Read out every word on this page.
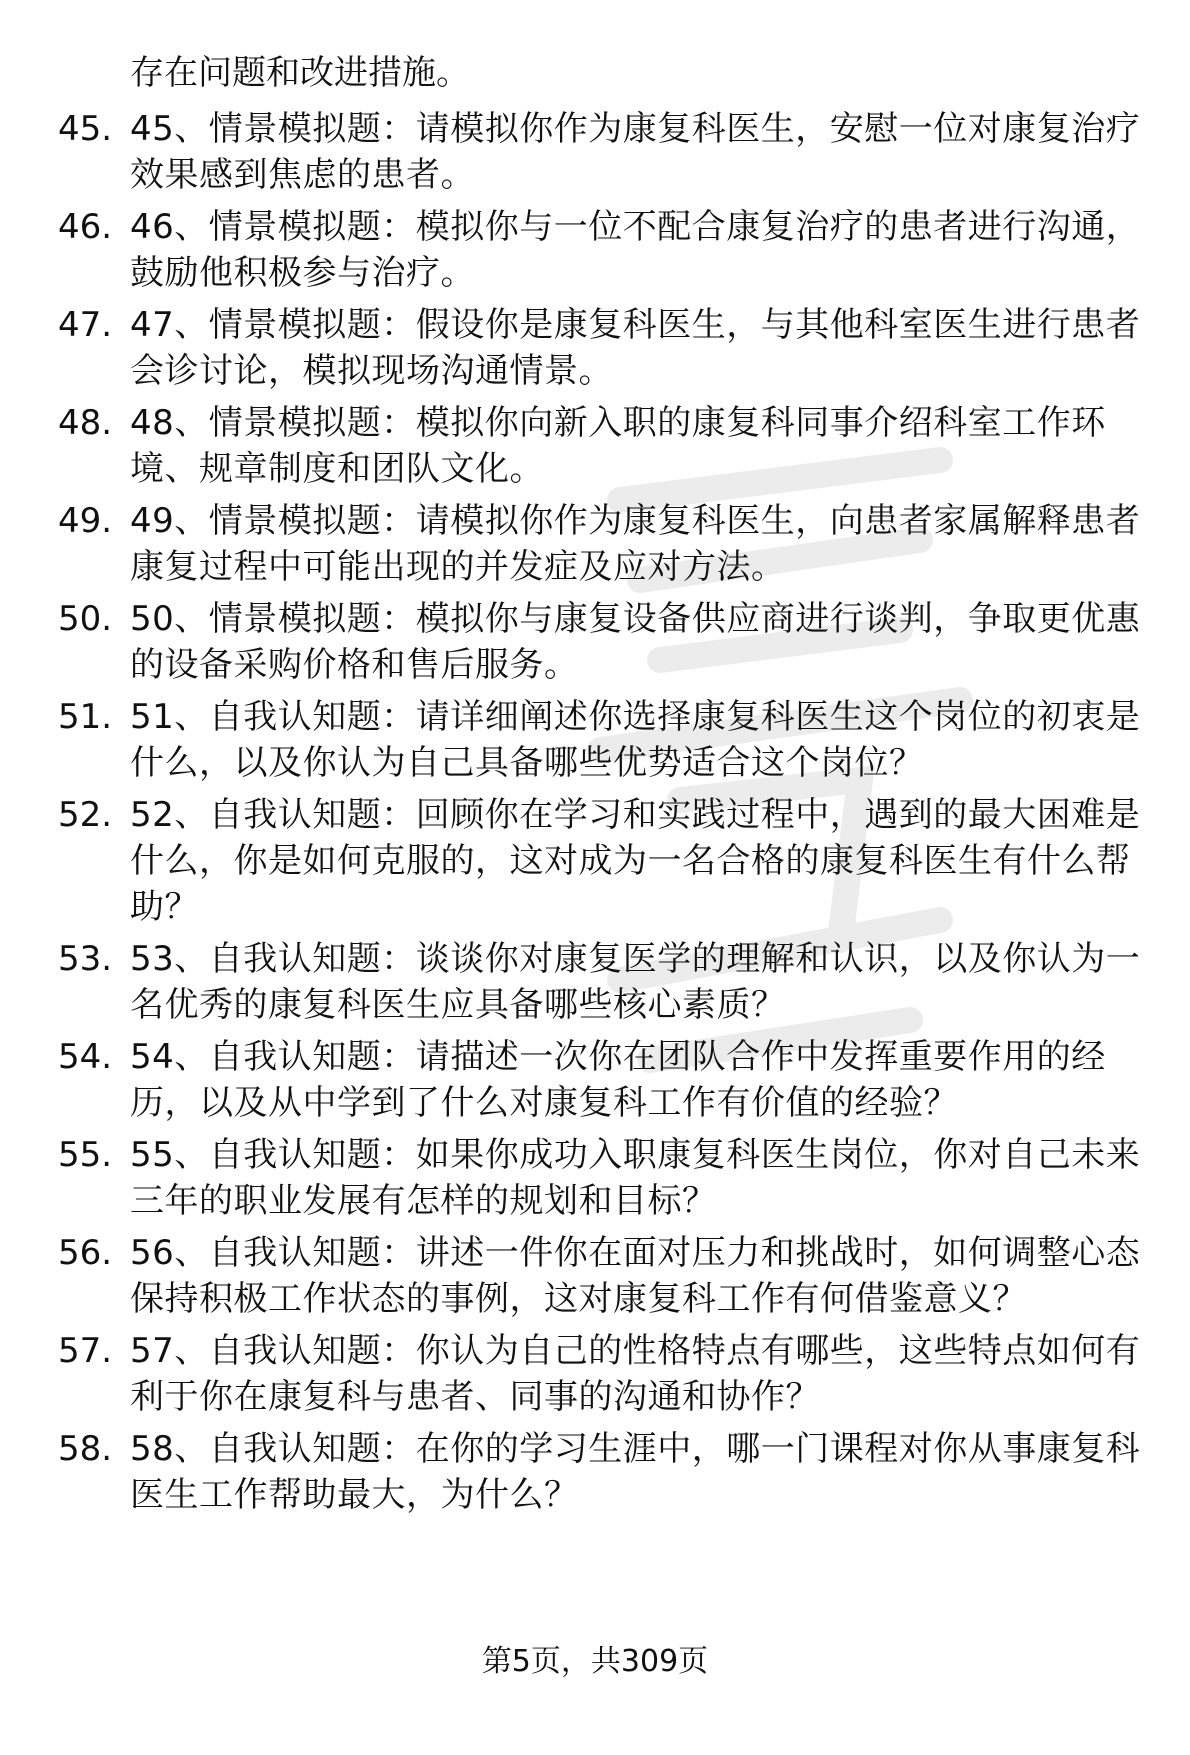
存在问题和改进措施。
45. 45、情景模拟题：请模拟你作为康复科医生，安慰一位对康复治疗效果感到焦虑的患者。
46. 46、情景模拟题：模拟你与一位不配合康复治疗的患者进行沟通，鼓励他积极参与治疗。
47. 47、情景模拟题：假设你是康复科医生，与其他科室医生进行患者会诊讨论，模拟现场沟通情景。
48. 48、情景模拟题：模拟你向新入职的康复科同事介绍科室工作环境、规章制度和团队文化。
49. 49、情景模拟题：请模拟你作为康复科医生，向患者家属解释患者康复过程中可能出现的并发症及应对方法。
50. 50、情景模拟题：模拟你与康复设备供应商进行谈判，争取更优惠的设备采购价格和售后服务。
51. 51、自我认知题：请详细阐述你选择康复科医生这个岗位的初衷是什么，以及你认为自己具备哪些优势适合这个岗位？
52. 52、自我认知题：回顾你在学习和实践过程中，遇到的最大困难是什么，你是如何克服的，这对成为一名合格的康复科医生有什么帮助？
53. 53、自我认知题：谈谈你对康复医学的理解和认识，以及你认为一名优秀的康复科医生应具备哪些核心素质？
54. 54、自我认知题：请描述一次你在团队合作中发挥重要作用的经历，以及从中学到了什么对康复科工作有价值的经验？
55. 55、自我认知题：如果你成功入职康复科医生岗位，你对自己未来三年的职业发展有怎样的规划和目标？
56. 56、自我认知题：讲述一件你在面对压力和挑战时，如何调整心态保持积极工作状态的事例，这对康复科工作有何借鉴意义？
57. 57、自我认知题：你认为自己的性格特点有哪些，这些特点如何有利于你在康复科与患者、同事的沟通和协作？
58. 58、自我认知题：在你的学习生涯中，哪一门课程对你从事康复科医生工作帮助最大，为什么？
第5页，共309页
